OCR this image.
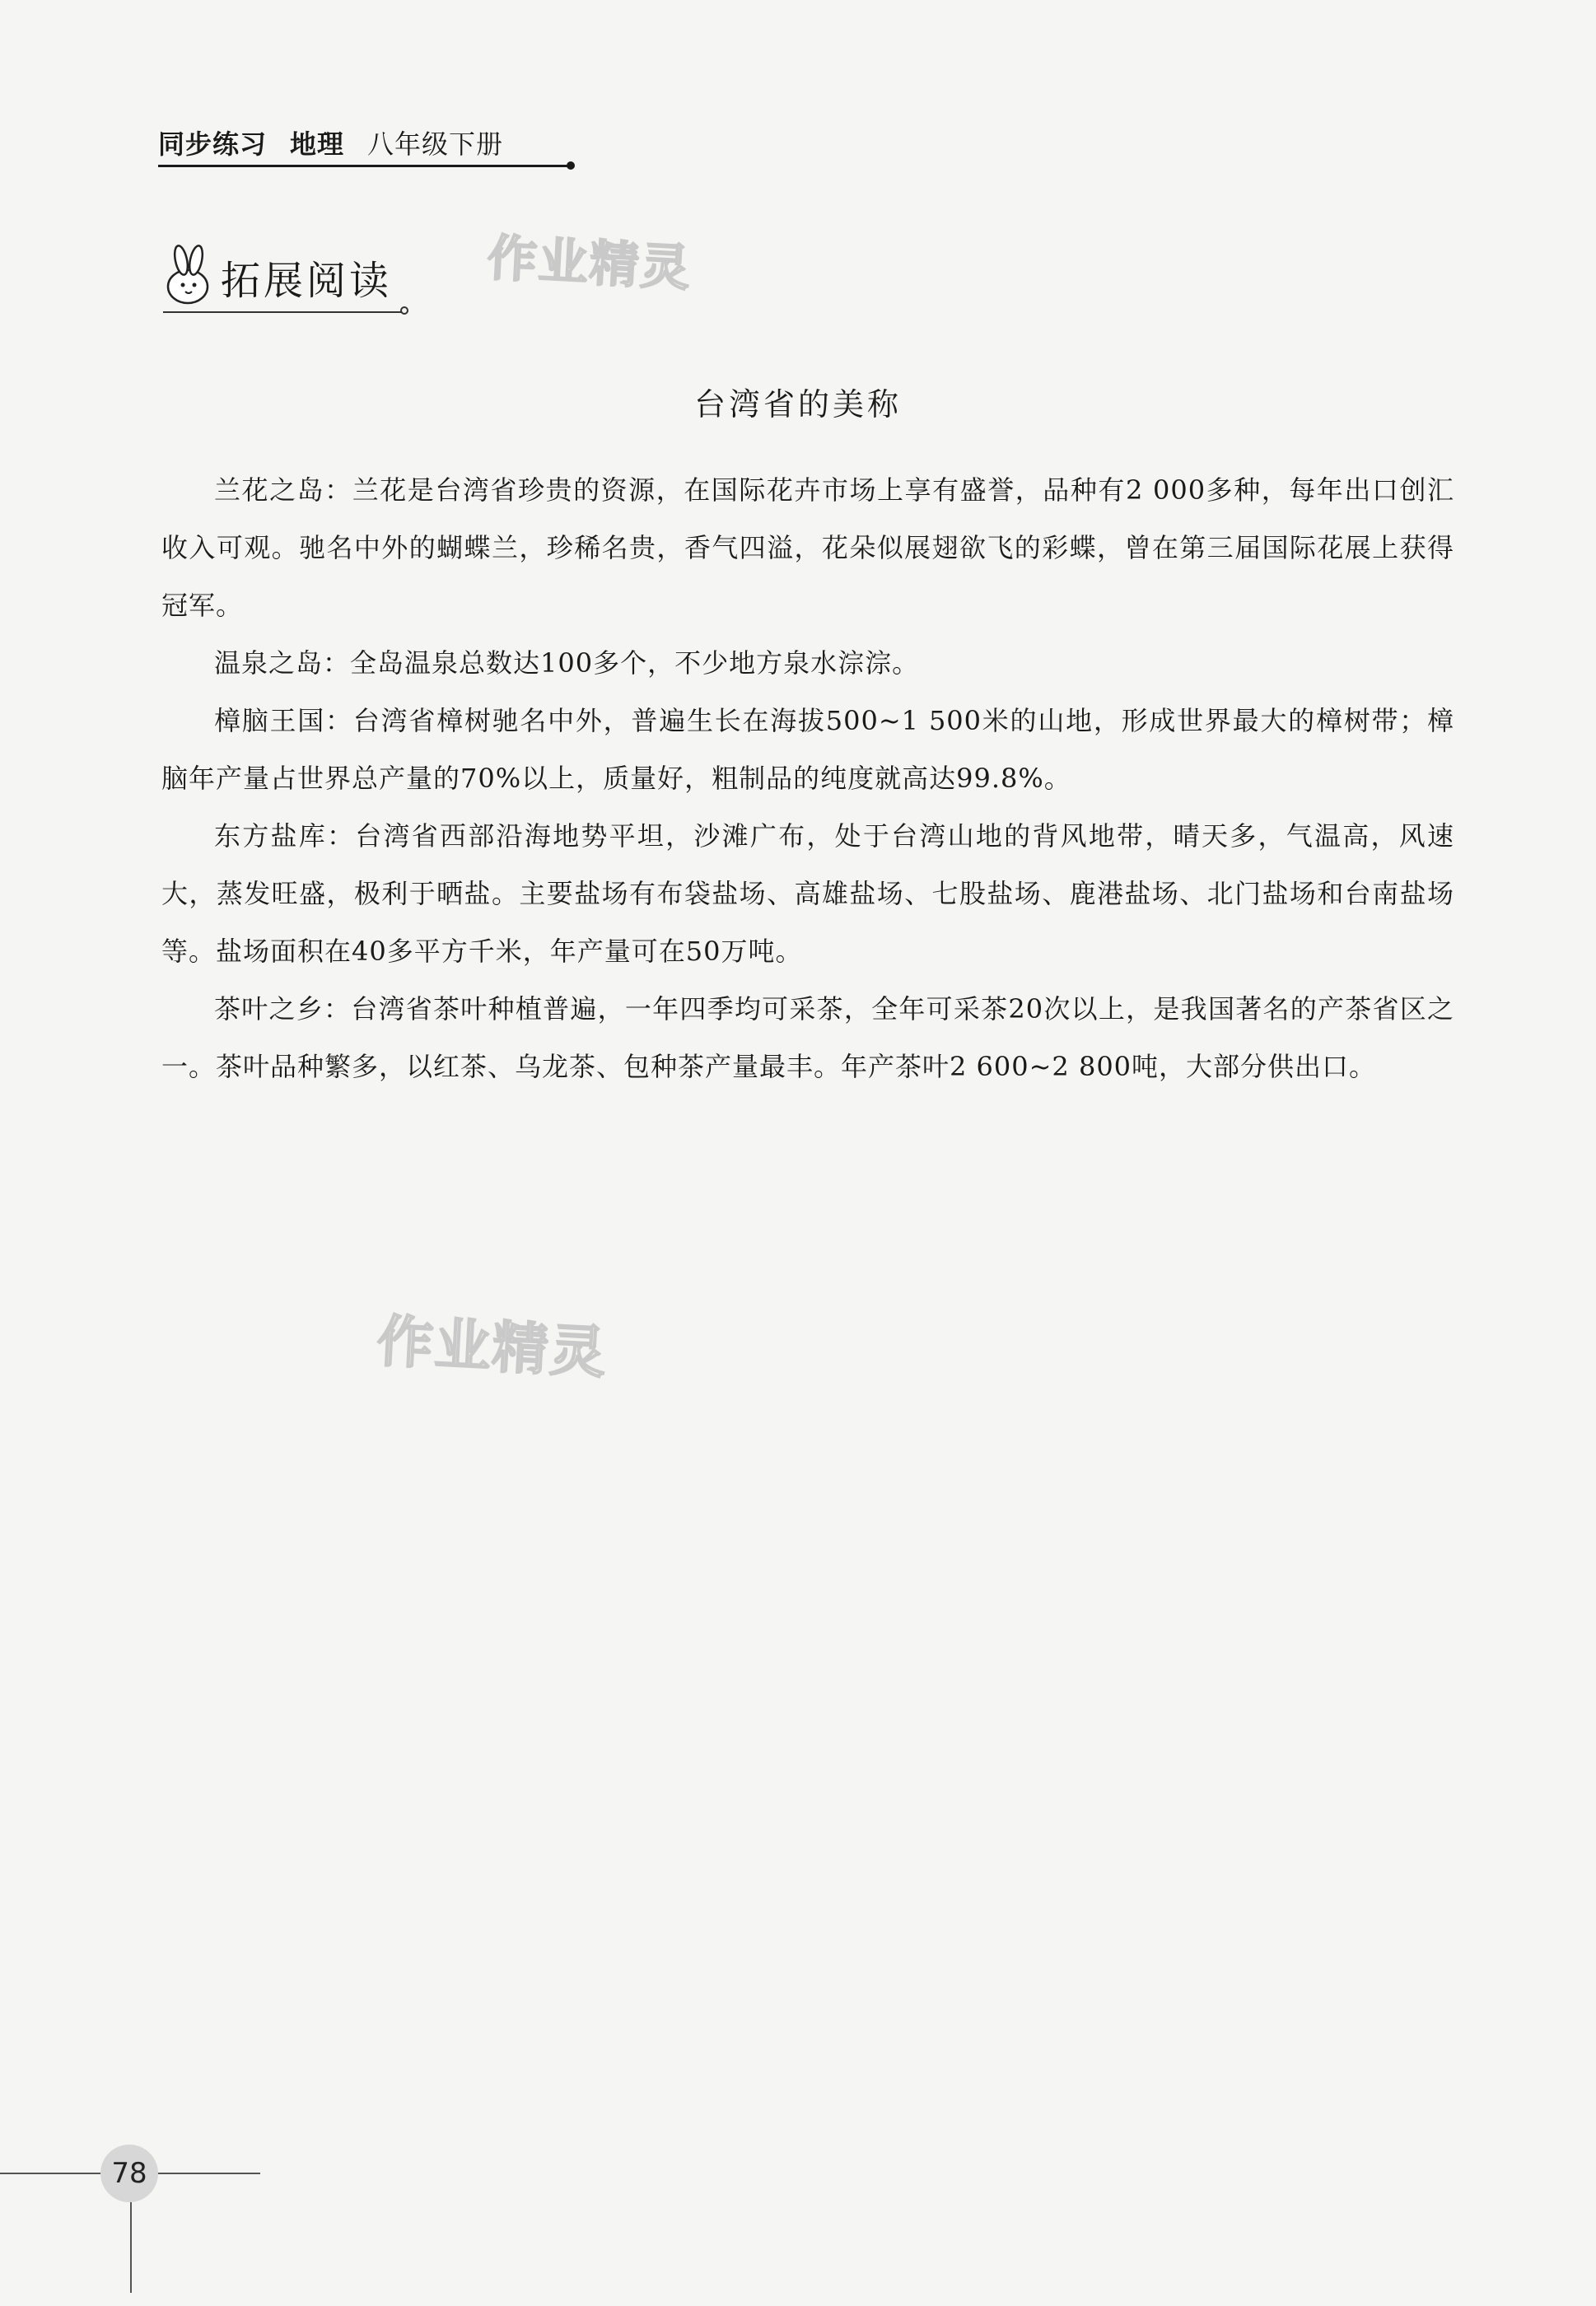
同步练习 地理 八年级下册
拓展阅读 作业精灵
作业精灵
台湾省的美称

兰花之岛：兰花是台湾省珍贵的资源，在国际花卉市场上享有盛誉，品种有2 000多种，每年出口创汇收入可观。驰名中外的蝴蝶兰，珍稀名贵，香气四溢，花朵似展翅欲飞的彩蝶，曾在第三届国际花展上获得冠军。

温泉之岛：全岛温泉总数达100多个，不少地方泉水淙淙。

樟脑王国：台湾省樟树驰名中外，普遍生长在海拔500~1 500米的山地，形成世界最大的樟树带；樟脑年产量占世界总产量的70%以上，质量好，粗制品的纯度就高达99.8%。

东方盐库：台湾省西部沿海地势平坦，沙滩广布，处于台湾山地的背风地带，晴天多，气温高，风速大，蒸发旺盛，极利于晒盐。主要盐场有布袋盐场、高雄盐场、七股盐场、鹿港盐场、北门盐场和台南盐场等。盐场面积在40多平方千米，年产量可在50万吨。

茶叶之乡：台湾省茶叶种植普遍，一年四季均可采茶，全年可采茶20次以上，是我国著名的产茶省区之一。茶叶品种繁多，以红茶、乌龙茶、包种茶产量最丰。年产茶叶2 600~2 800吨，大部分供出口。

78
